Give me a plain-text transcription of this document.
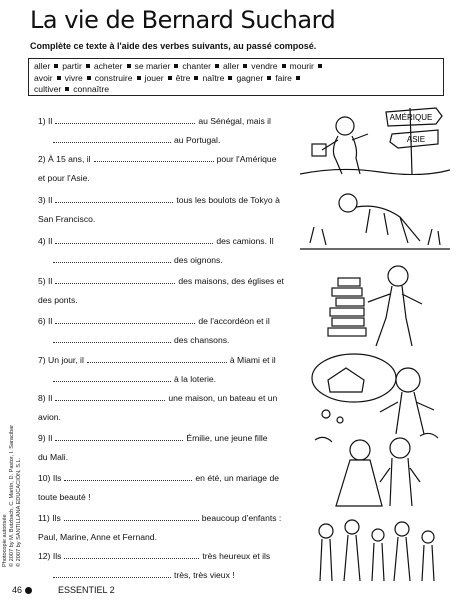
La vie de Bernard Suchard
Complète ce texte à l'aide des verbes suivants, au passé composé.
aller partir acheter se marier chanter aller vendre mourir
avoir vivre construire jouer être naître gagner faire
cultiver connaître
1) Il	au Sénégal, mais il
au Portugal.
2) À 15 ans, il	pour l'Amérique
et pour l'Asie.
3) Il	tous les boulots de Tokyo à
San Francisco.
4) Il	des camions. Il
des oignons.
5) Il	des maisons, des églises et
des ponts.
6) Il	de l'accordéon et il
des chansons.
7) Un jour, il	à Miami et il
à la loterie.
8) Il	une maison, un bateau et un
avion.
9) Il	Émilie, une jeune fille
du Mali.
10) Ils	en été, un mariage de
toute beauté !
11) Ils	beaucoup d'enfants :
Paul, Marine, Anne et Fernand.
12) Ils	très heureux et ils
très, très vieux !
AMÉRIQUE
ASIE
Photocopie autorisée © 2007 by M. Butzbach, C. Martín, D. Pastor, I. Saracibar © 2007 by SANTILLANA EDUCACIÓN, S.L.
46	ESSENTIEL 2
